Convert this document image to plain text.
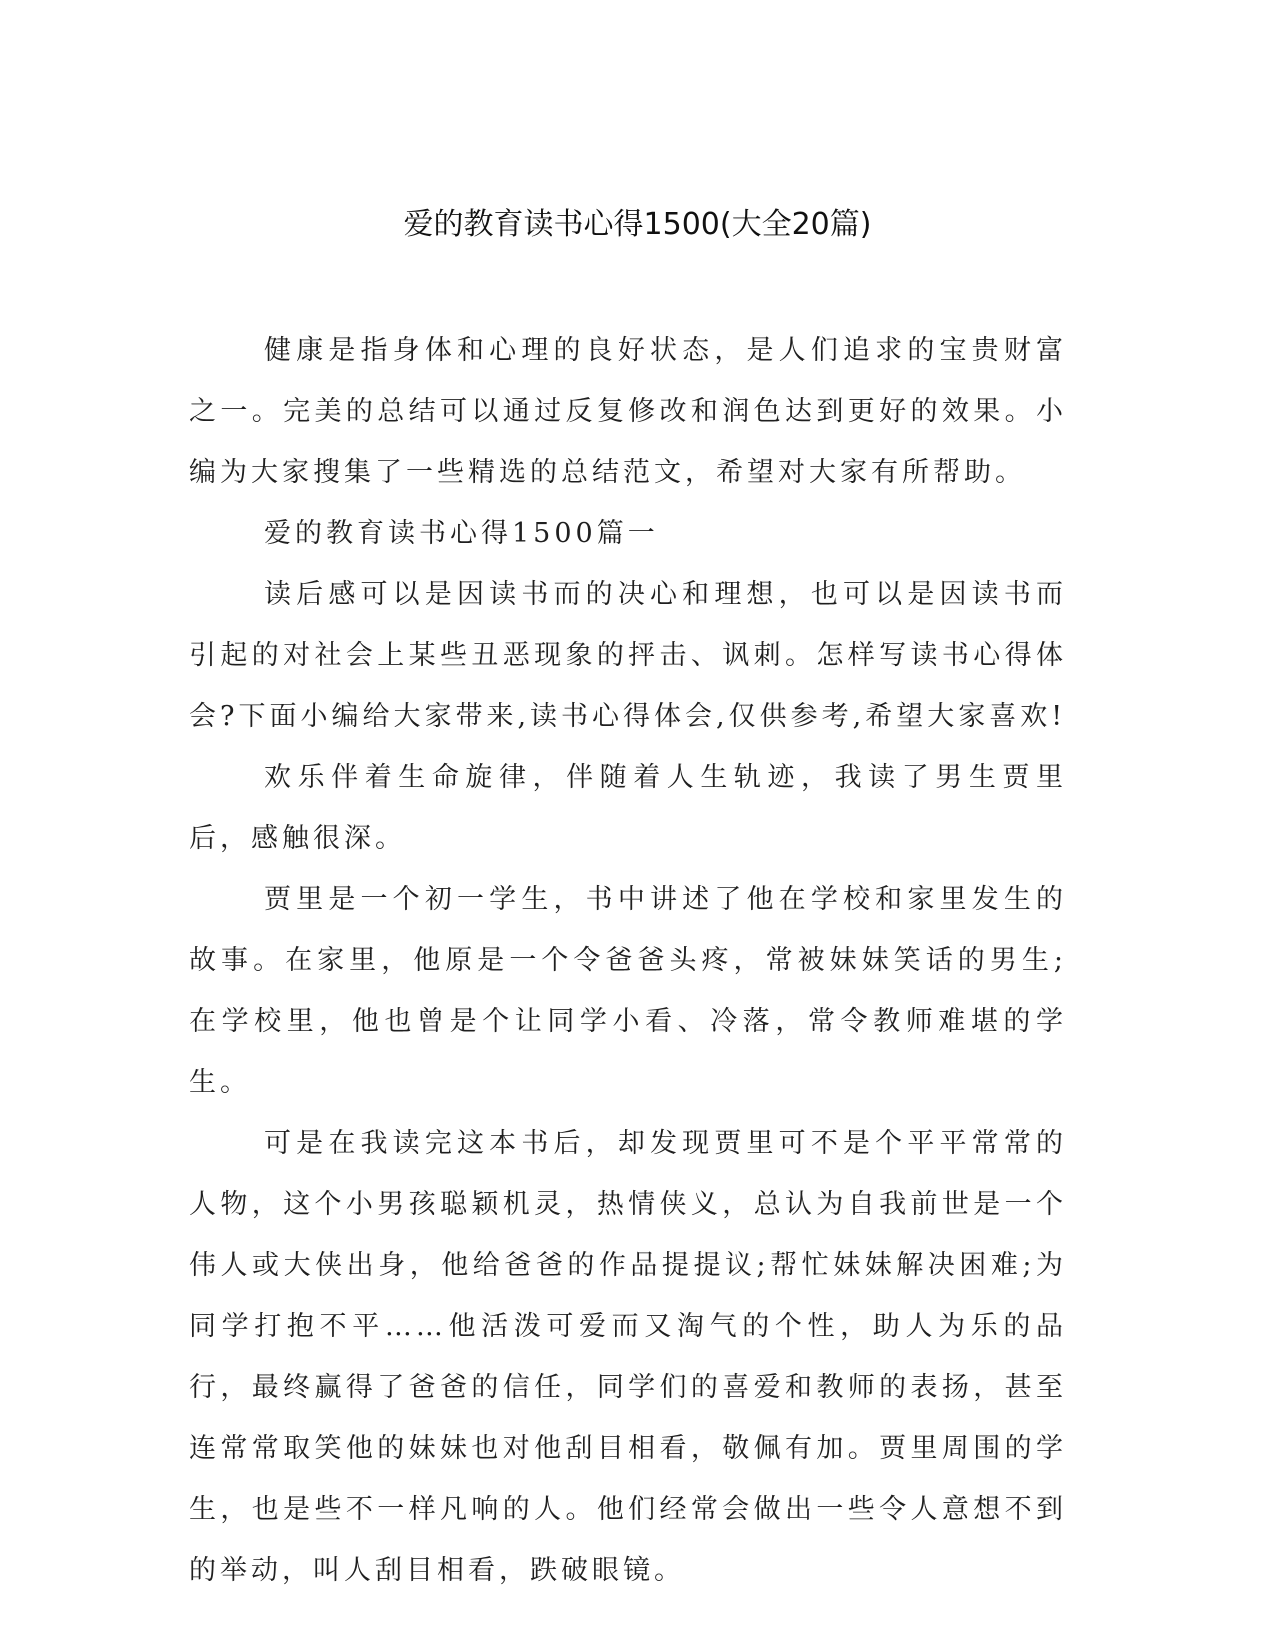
爱的教育读书心得1500(大全20篇)

健康是指身体和心理的良好状态，是人们追求的宝贵财富之一。完美的总结可以通过反复修改和润色达到更好的效果。小编为大家搜集了一些精选的总结范文，希望对大家有所帮助。

爱的教育读书心得1500篇一

读后感可以是因读书而的决心和理想，也可以是因读书而引起的对社会上某些丑恶现象的抨击、讽刺。怎样写读书心得体会?下面小编给大家带来,读书心得体会,仅供参考,希望大家喜欢!

欢乐伴着生命旋律，伴随着人生轨迹，我读了男生贾里后，感触很深。

贾里是一个初一学生，书中讲述了他在学校和家里发生的故事。在家里，他原是一个令爸爸头疼，常被妹妹笑话的男生;在学校里，他也曾是个让同学小看、冷落，常令教师难堪的学生。

可是在我读完这本书后，却发现贾里可不是个平平常常的人物，这个小男孩聪颖机灵，热情侠义，总认为自我前世是一个伟人或大侠出身，他给爸爸的作品提提议;帮忙妹妹解决困难;为同学打抱不平……他活泼可爱而又淘气的个性，助人为乐的品行，最终赢得了爸爸的信任，同学们的喜爱和教师的表扬，甚至连常常取笑他的妹妹也对他刮目相看，敬佩有加。贾里周围的学生，也是些不一样凡响的人。他们经常会做出一些令人意想不到的举动，叫人刮目相看，跌破眼镜。
